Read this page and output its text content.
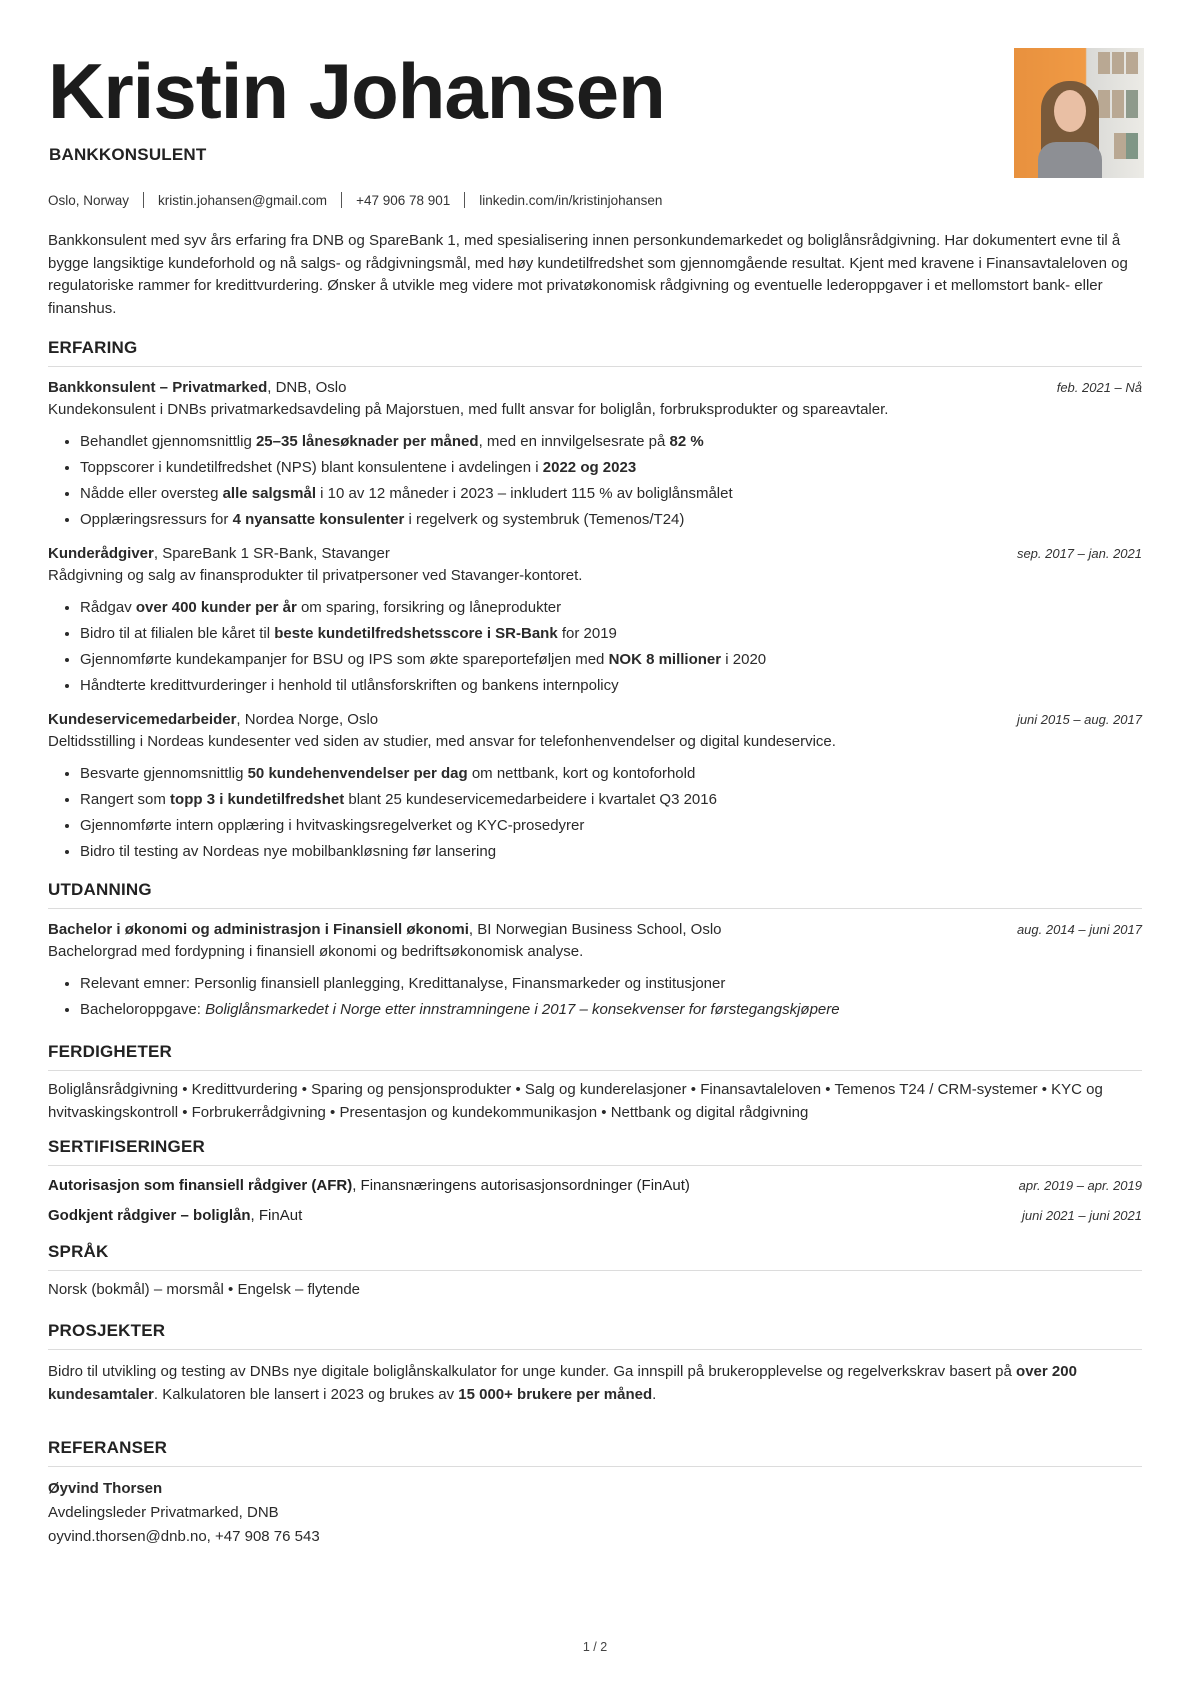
Kristin Johansen
BANKKONSULENT
Oslo, Norway kristin.johansen@gmail.com +47 906 78 901 linkedin.com/in/kristinjohansen
Bankkonsulent med syv års erfaring fra DNB og SpareBank 1, med spesialisering innen personkundemarkedet og boliglånsrådgivning. Har dokumentert evne til å bygge langsiktige kundeforhold og nå salgs- og rådgivningsmål, med høy kundetilfredshet som gjennomgående resultat. Kjent med kravene i Finansavtaleloven og regulatoriske rammer for kredittvurdering. Ønsker å utvikle meg videre mot privatøkonomisk rådgivning og eventuelle lederoppgaver i et mellomstort bank- eller finanshus.
ERFARING
Bankkonsulent – Privatmarked, DNB, Oslo	feb. 2021 – Nå
Kundekonsulent i DNBs privatmarkedsavdeling på Majorstuen, med fullt ansvar for boliglån, forbruksprodukter og spareavtaler.
• Behandlet gjennomsnittlig 25–35 lånesøknader per måned, med en innvilgelsesrate på 82 %
• Toppscorer i kundetilfredshet (NPS) blant konsulentene i avdelingen i 2022 og 2023
• Nådde eller oversteg alle salgsmål i 10 av 12 måneder i 2023 – inkludert 115 % av boliglånsmålet
• Opplæringsressurs for 4 nyansatte konsulenter i regelverk og systembruk (Temenos/T24)
Kunderådgiver, SpareBank 1 SR-Bank, Stavanger	sep. 2017 – jan. 2021
Rådgivning og salg av finansprodukter til privatpersoner ved Stavanger-kontoret.
• Rådgav over 400 kunder per år om sparing, forsikring og låneprodukter
• Bidro til at filialen ble kåret til beste kundetilfredshetsscore i SR-Bank for 2019
• Gjennomførte kundekampanjer for BSU og IPS som økte spareporteføljen med NOK 8 millioner i 2020
• Håndterte kredittvurderinger i henhold til utlånsforskriften og bankens internpolicy
Kundeservicemedarbeider, Nordea Norge, Oslo	juni 2015 – aug. 2017
Deltidsstilling i Nordeas kundesenter ved siden av studier, med ansvar for telefonhenvendelser og digital kundeservice.
• Besvarte gjennomsnittlig 50 kundehenvendelser per dag om nettbank, kort og kontoforhold
• Rangert som topp 3 i kundetilfredshet blant 25 kundeservicemedarbeidere i kvartalet Q3 2016
• Gjennomførte intern opplæring i hvitvaskingsregelverket og KYC-prosedyrer
• Bidro til testing av Nordeas nye mobilbankløsning før lansering
UTDANNING
Bachelor i økonomi og administrasjon i Finansiell økonomi, BI Norwegian Business School, Oslo	aug. 2014 – juni 2017
Bachelorgrad med fordypning i finansiell økonomi og bedriftsøkonomisk analyse.
• Relevant emner: Personlig finansiell planlegging, Kredittanalyse, Finansmarkeder og institusjoner
• Bacheloroppgave: Boliglånsmarkedet i Norge etter innstramningene i 2017 – konsekvenser for førstegangskjøpere
FERDIGHETER
Boliglånsrådgivning • Kredittvurdering • Sparing og pensjonsprodukter • Salg og kunderelasjoner • Finansavtaleloven • Temenos T24 / CRM-systemer • KYC og hvitvaskingskontroll • Forbrukerrådgivning • Presentasjon og kundekommunikasjon • Nettbank og digital rådgivning
SERTIFISERINGER
Autorisasjon som finansiell rådgiver (AFR), Finansnæringens autorisasjonsordninger (FinAut)	apr. 2019 – apr. 2019
Godkjent rådgiver – boliglån, FinAut	juni 2021 – juni 2021
SPRÅK
Norsk (bokmål) – morsmål • Engelsk – flytende
PROSJEKTER
Bidro til utvikling og testing av DNBs nye digitale boliglånskalkulator for unge kunder. Ga innspill på brukeropplevelse og regelverkskrav basert på over 200 kundesamtaler. Kalkulatoren ble lansert i 2023 og brukes av 15 000+ brukere per måned.
REFERANSER
Øyvind Thorsen
Avdelingsleder Privatmarked, DNB
oyvind.thorsen@dnb.no, +47 908 76 543
1 / 2
